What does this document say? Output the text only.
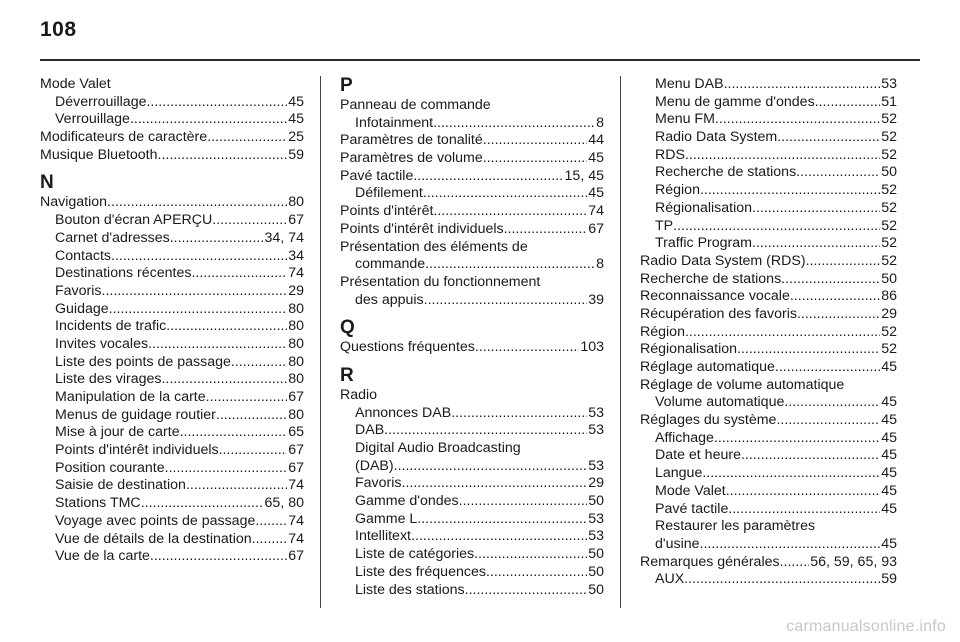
108
Mode Valet
Déverrouillage .....	45
Verrouillage .....	45
Modificateurs de caractère .....	25
Musique Bluetooth .....	59
N
Navigation .....	80
Bouton d'écran APERÇU .....	67
Carnet d'adresses .....	34, 74
Contacts .....	34
Destinations récentes .....	74
Favoris .....	29
Guidage .....	80
Incidents de trafic .....	80
Invites vocales .....	80
Liste des points de passage .....	80
Liste des virages .....	80
Manipulation de la carte .....	67
Menus de guidage routier .....	80
Mise à jour de carte .....	65
Points d'intérêt individuels .....	67
Position courante .....	67
Saisie de destination .....	74
Stations TMC .....	65, 80
Voyage avec points de passage ..... 74
Vue de détails de la destination .....	74
Vue de la carte .....	67
P
Panneau de commande
Infotainment .....	8
Paramètres de tonalité .....	44
Paramètres de volume .....	45
Pavé tactile .....	15, 45
Défilement .....	45
Points d'intérêt .....	74
Points d'intérêt individuels .....	67
Présentation des éléments de
commande .....	8
Présentation du fonctionnement
des appuis .....	39
Q
Questions fréquentes .....	103
R
Radio
Annonces DAB .....	53
DAB .....	53
Digital Audio Broadcasting
(DAB) .....	53
Favoris .....	29
Gamme d'ondes .....	50
Gamme L .....	53
Intellitext .....	53
Liste de catégories .....	50
Liste des fréquences .....	50
Liste des stations .....	50
Menu DAB .....	53
Menu de gamme d'ondes .....	51
Menu FM .....	52
Radio Data System .....	52
RDS .....	52
Recherche de stations .....	50
Région .....	52
Régionalisation .....	52
TP .....	52
Traffic Program .....	52
Radio Data System (RDS) .....	52
Recherche de stations .....	50
Reconnaissance vocale .....	86
Récupération des favoris .....	29
Région .....	52
Régionalisation .....	52
Réglage automatique .....	45
Réglage de volume automatique
Volume automatique .....	45
Réglages du système .....	45
Affichage .....	45
Date et heure .....	45
Langue .....	45
Mode Valet .....	45
Pavé tactile .....	45
Restaurer les paramètres
d'usine .....	45
Remarques générales ..... 56, 59, 65, 93
AUX .....	59
carmanualsonline.info
